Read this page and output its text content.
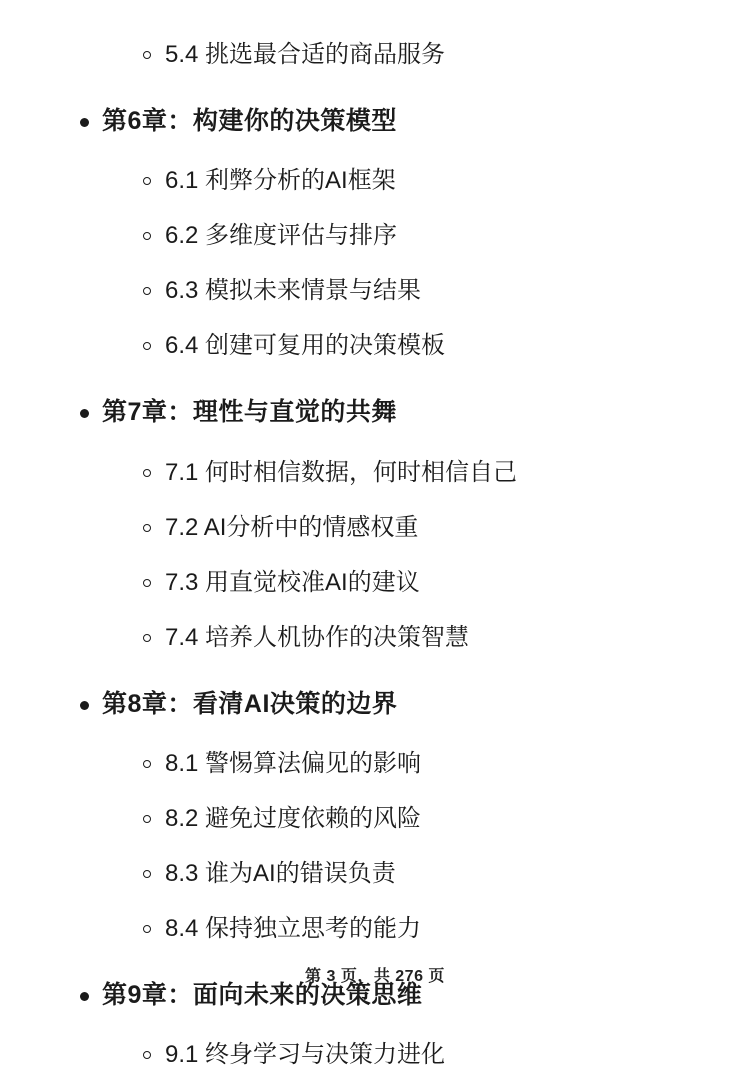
5.4 挑选最合适的商品服务
第6章：构建你的决策模型
6.1 利弊分析的AI框架
6.2 多维度评估与排序
6.3 模拟未来情景与结果
6.4 创建可复用的决策模板
第7章：理性与直觉的共舞
7.1 何时相信数据，何时相信自己
7.2 AI分析中的情感权重
7.3 用直觉校准AI的建议
7.4 培养人机协作的决策智慧
第8章：看清AI决策的边界
8.1 警惕算法偏见的影响
8.2 避免过度依赖的风险
8.3 谁为AI的错误负责
8.4 保持独立思考的能力
第9章：面向未来的决策思维
9.1 终身学习与决策力进化
第 3 页，共 276 页
